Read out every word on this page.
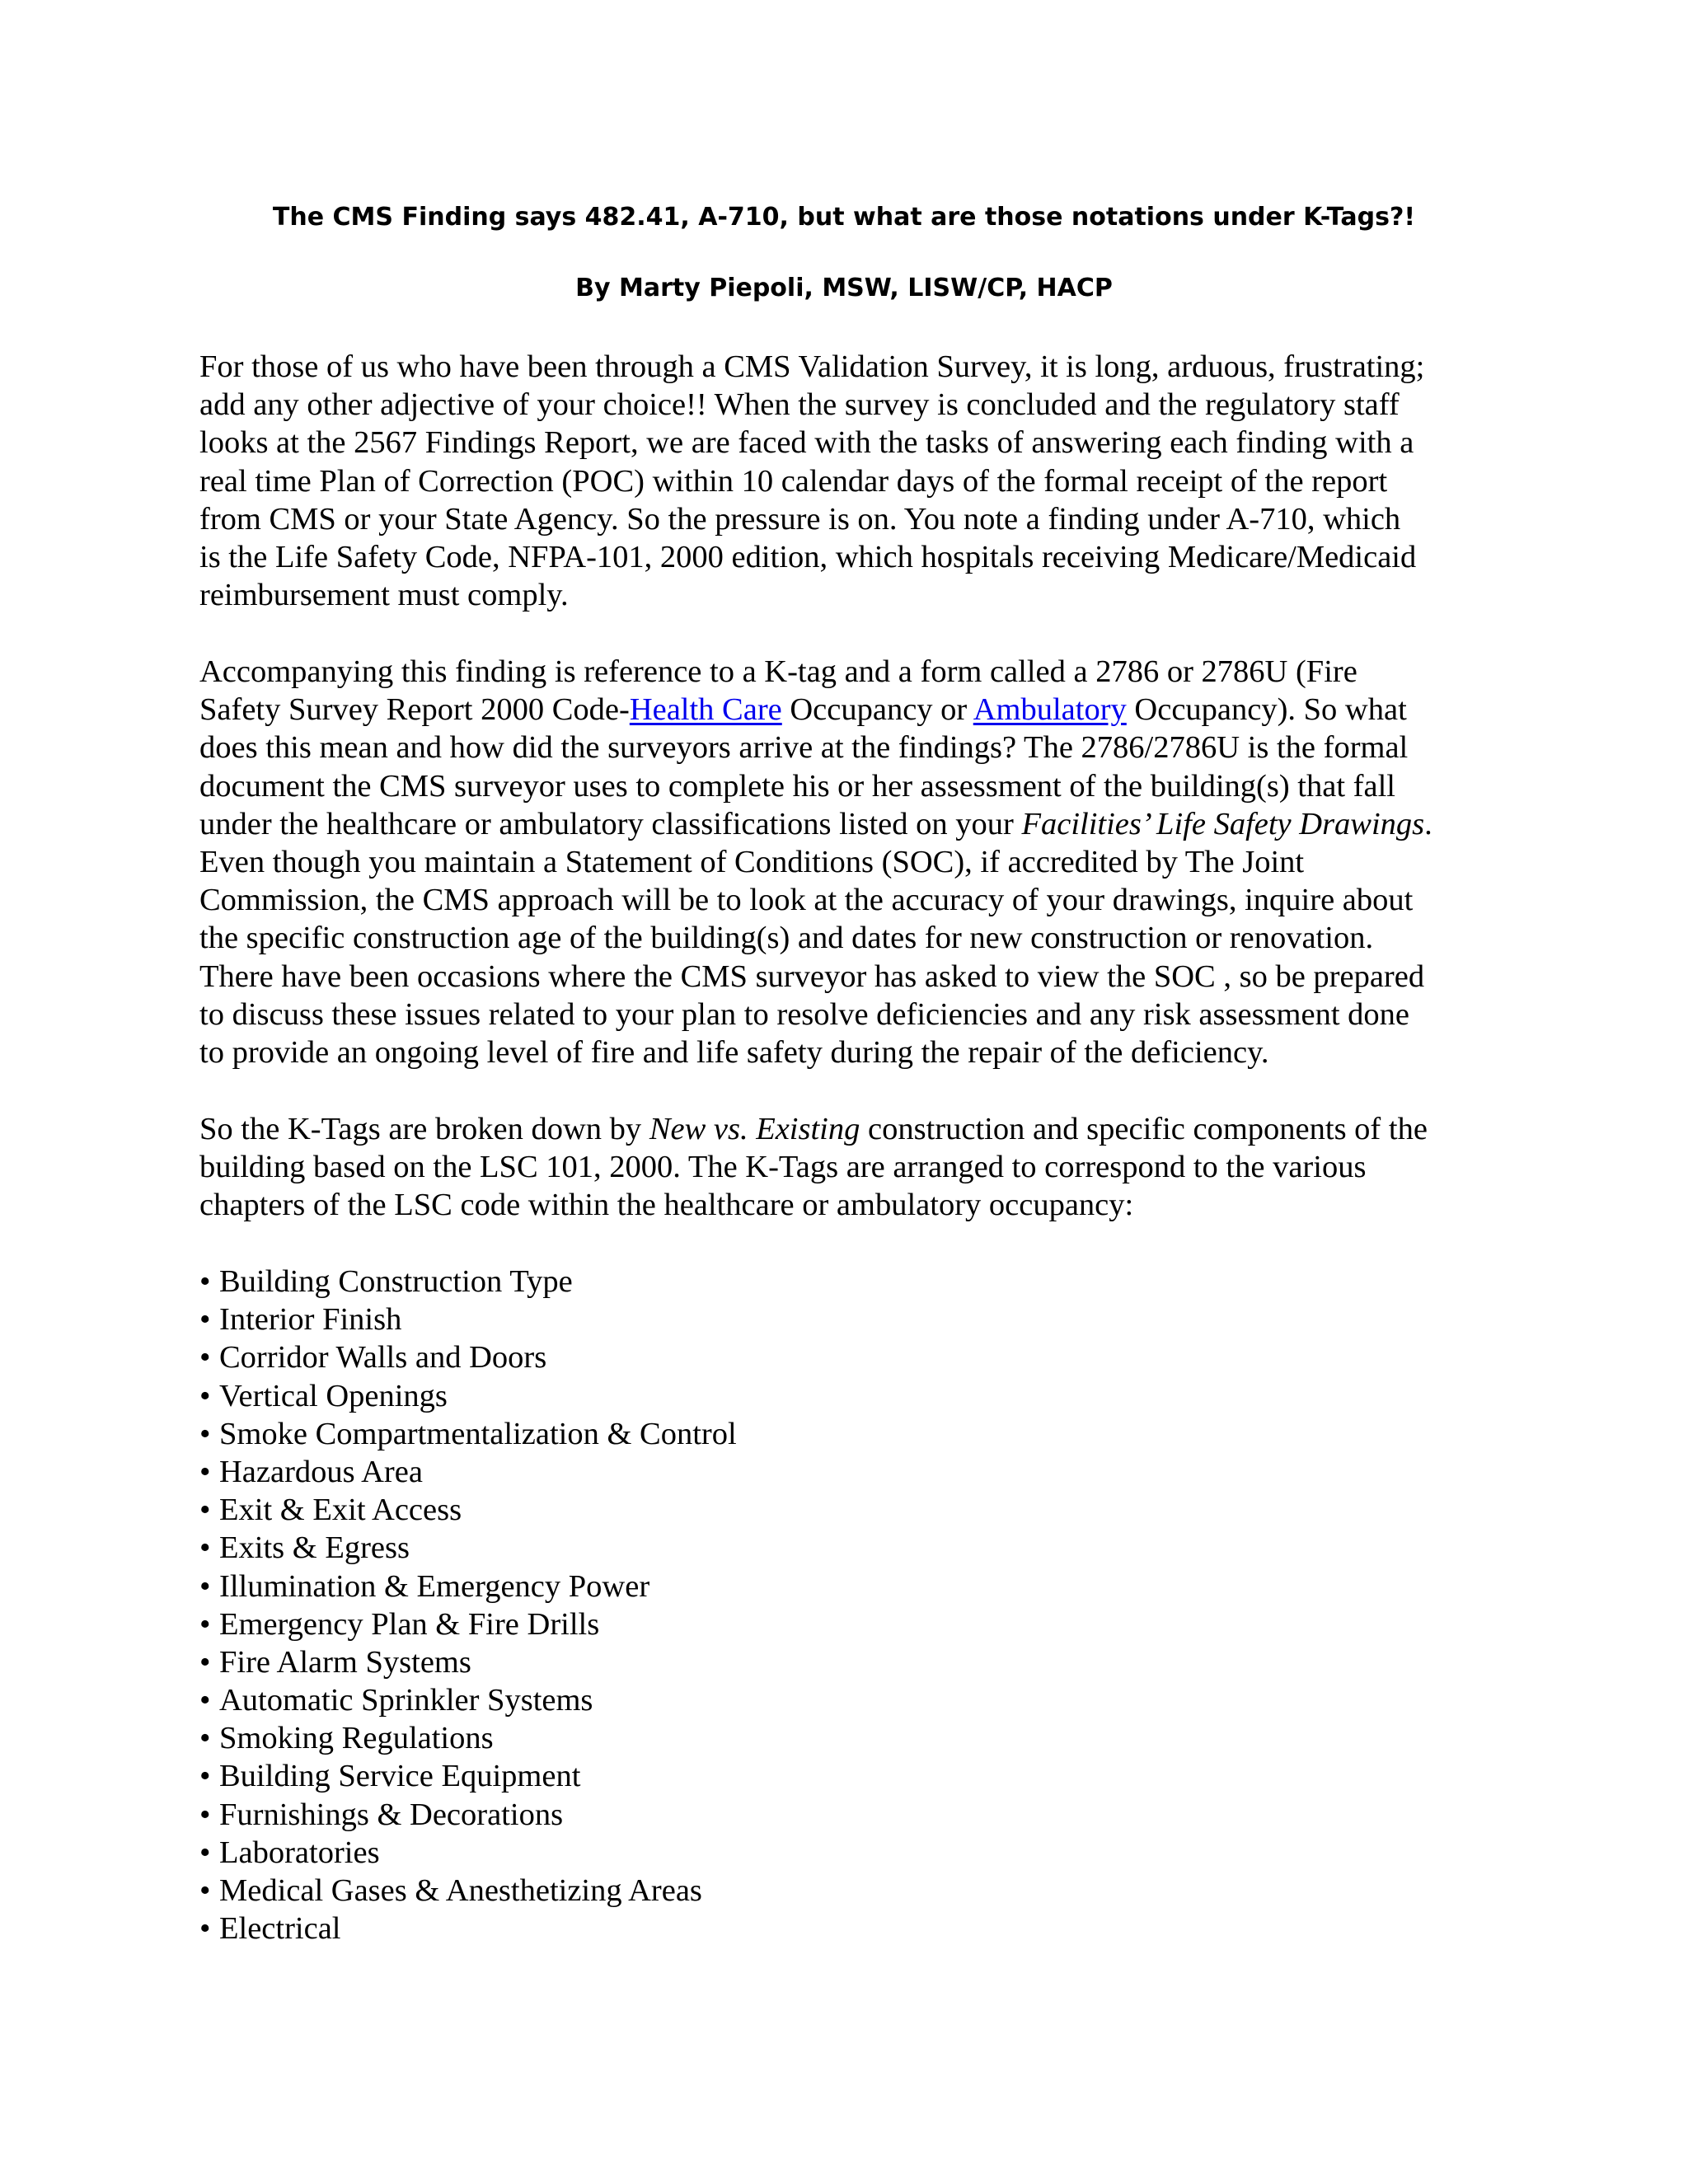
The CMS Finding says 482.41, A-710, but what are those notations under K-Tags?!
By Marty Piepoli, MSW, LISW/CP, HACP
For those of us who have been through a CMS Validation Survey, it is long, arduous, frustrating;
add any other adjective of your choice!! When the survey is concluded and the regulatory staff
looks at the 2567 Findings Report, we are faced with the tasks of answering each finding with a
real time Plan of Correction (POC) within 10 calendar days of the formal receipt of the report
from CMS or your State Agency. So the pressure is on. You note a finding under A-710, which
is the Life Safety Code, NFPA-101, 2000 edition, which hospitals receiving Medicare/Medicaid
reimbursement must comply.
Accompanying this finding is reference to a K-tag and a form called a 2786 or 2786U (Fire
Safety Survey Report 2000 Code-Health Care Occupancy or Ambulatory Occupancy). So what
does this mean and how did the surveyors arrive at the findings? The 2786/2786U is the formal
document the CMS surveyor uses to complete his or her assessment of the building(s) that fall
under the healthcare or ambulatory classifications listed on your Facilities’ Life Safety Drawings.
Even though you maintain a Statement of Conditions (SOC), if accredited by The Joint
Commission, the CMS approach will be to look at the accuracy of your drawings, inquire about
the specific construction age of the building(s) and dates for new construction or renovation.
There have been occasions where the CMS surveyor has asked to view the SOC , so be prepared
to discuss these issues related to your plan to resolve deficiencies and any risk assessment done
to provide an ongoing level of fire and life safety during the repair of the deficiency.
So the K-Tags are broken down by New vs. Existing construction and specific components of the
building based on the LSC 101, 2000. The K-Tags are arranged to correspond to the various
chapters of the LSC code within the healthcare or ambulatory occupancy:
• Building Construction Type
• Interior Finish
• Corridor Walls and Doors
• Vertical Openings
• Smoke Compartmentalization & Control
• Hazardous Area
• Exit & Exit Access
• Exits & Egress
• Illumination & Emergency Power
• Emergency Plan & Fire Drills
• Fire Alarm Systems
• Automatic Sprinkler Systems
• Smoking Regulations
• Building Service Equipment
• Furnishings & Decorations
• Laboratories
• Medical Gases & Anesthetizing Areas
• Electrical
